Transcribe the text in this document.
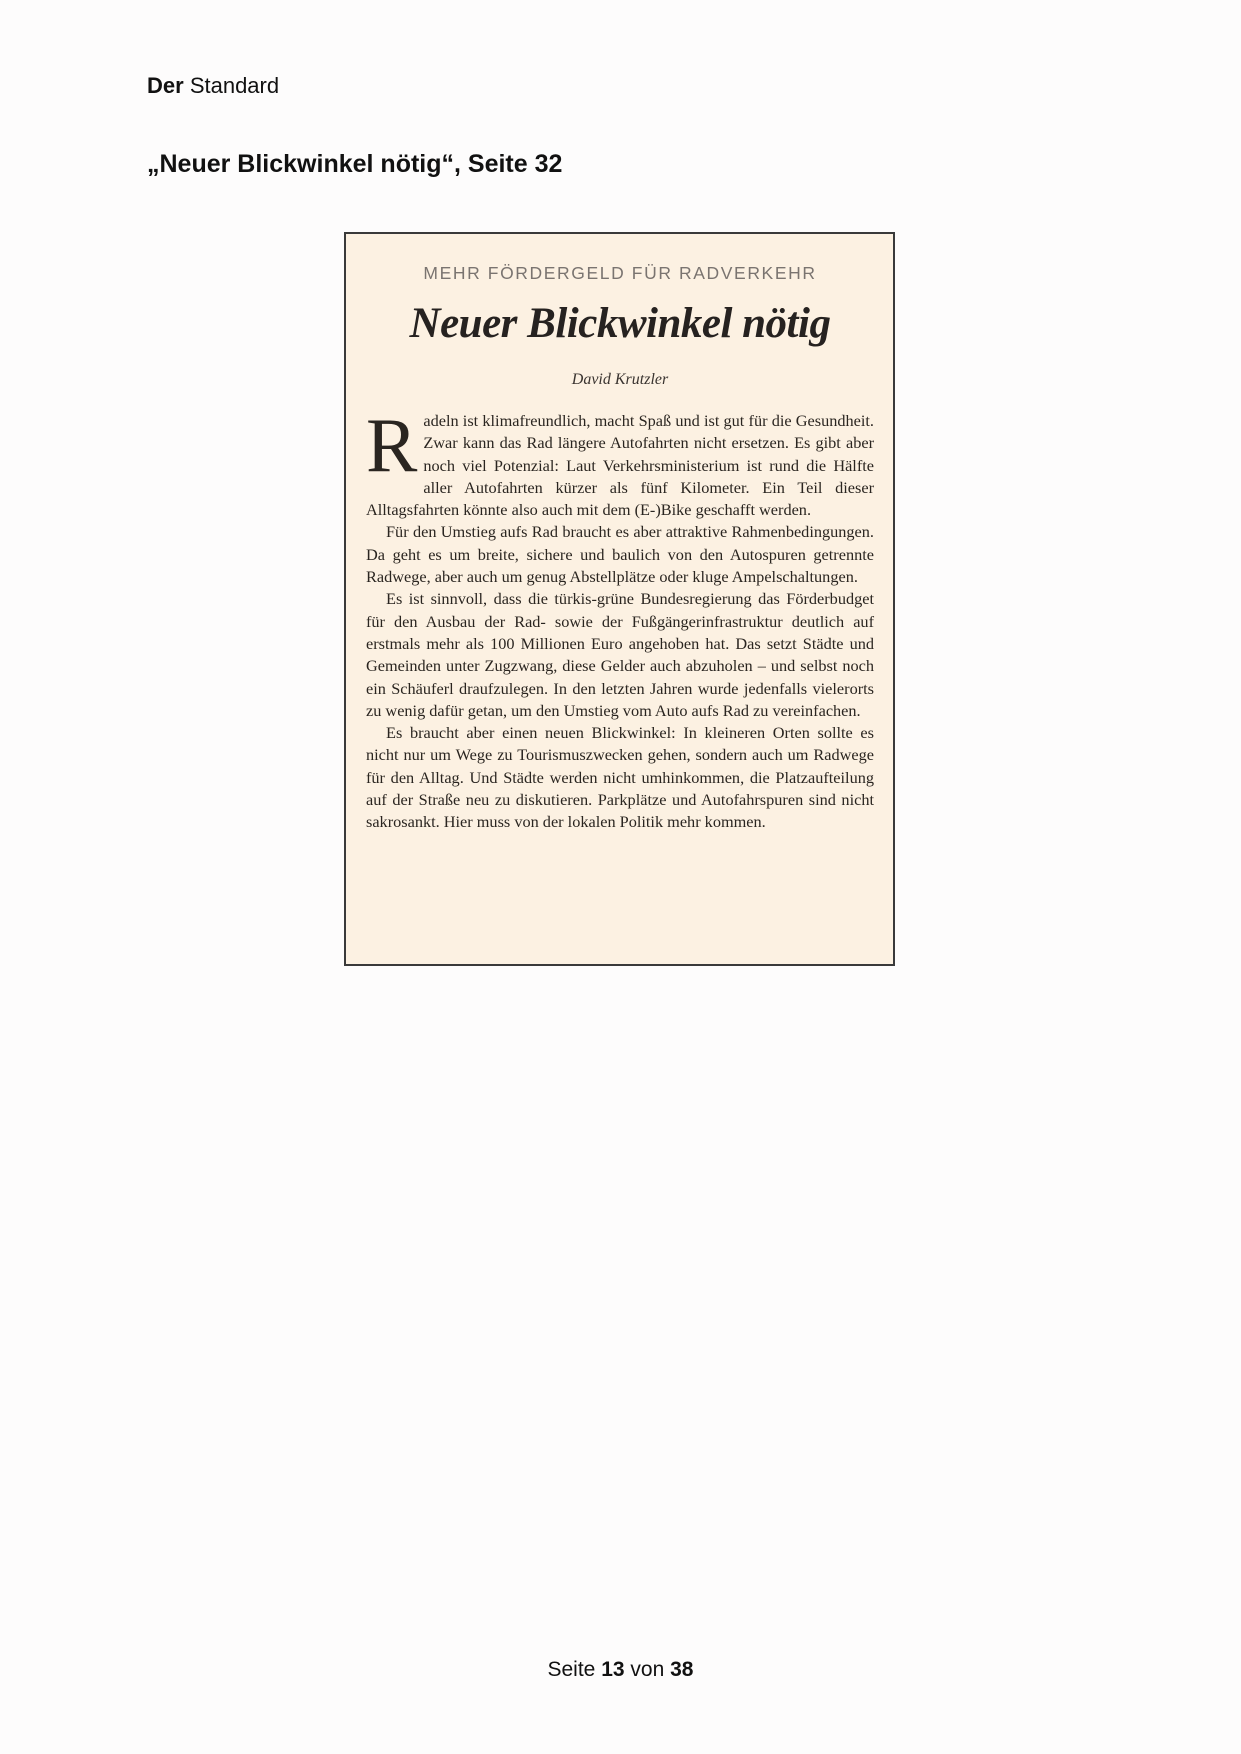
Der Standard
„Neuer Blickwinkel nötig“, Seite 32
MEHR FÖRDERGELD FÜR RADVERKEHR
Neuer Blickwinkel nötig
David Krutzler

Radeln ist klimafreundlich, macht Spaß und ist gut für die Gesundheit. Zwar kann das Rad längere Autofahrten nicht ersetzen. Es gibt aber noch viel Potenzial: Laut Verkehrsministerium ist rund die Hälfte aller Autofahrten kürzer als fünf Kilometer. Ein Teil dieser Alltagsfahrten könnte also auch mit dem (E-)Bike geschafft werden.

Für den Umstieg aufs Rad braucht es aber attraktive Rahmenbedingungen. Da geht es um breite, sichere und baulich von den Autospuren getrennte Radwege, aber auch um genug Abstellplätze oder kluge Ampelschaltungen.

Es ist sinnvoll, dass die türkis-grüne Bundesregierung das Förderbudget für den Ausbau der Rad- sowie der Fußgängerinfrastruktur deutlich auf erstmals mehr als 100 Millionen Euro angehoben hat. Das setzt Städte und Gemeinden unter Zugzwang, diese Gelder auch abzuholen – und selbst noch ein Schäuferl draufzulegen. In den letzten Jahren wurde jedenfalls vielerorts zu wenig dafür getan, um den Umstieg vom Auto aufs Rad zu vereinfachen.

Es braucht aber einen neuen Blickwinkel: In kleineren Orten sollte es nicht nur um Wege zu Tourismuszwecken gehen, sondern auch um Radwege für den Alltag. Und Städte werden nicht umhinkommen, die Platzaufteilung auf der Straße neu zu diskutieren. Parkplätze und Autofahrspuren sind nicht sakrosankt. Hier muss von der lokalen Politik mehr kommen.

Seite 13 von 38
